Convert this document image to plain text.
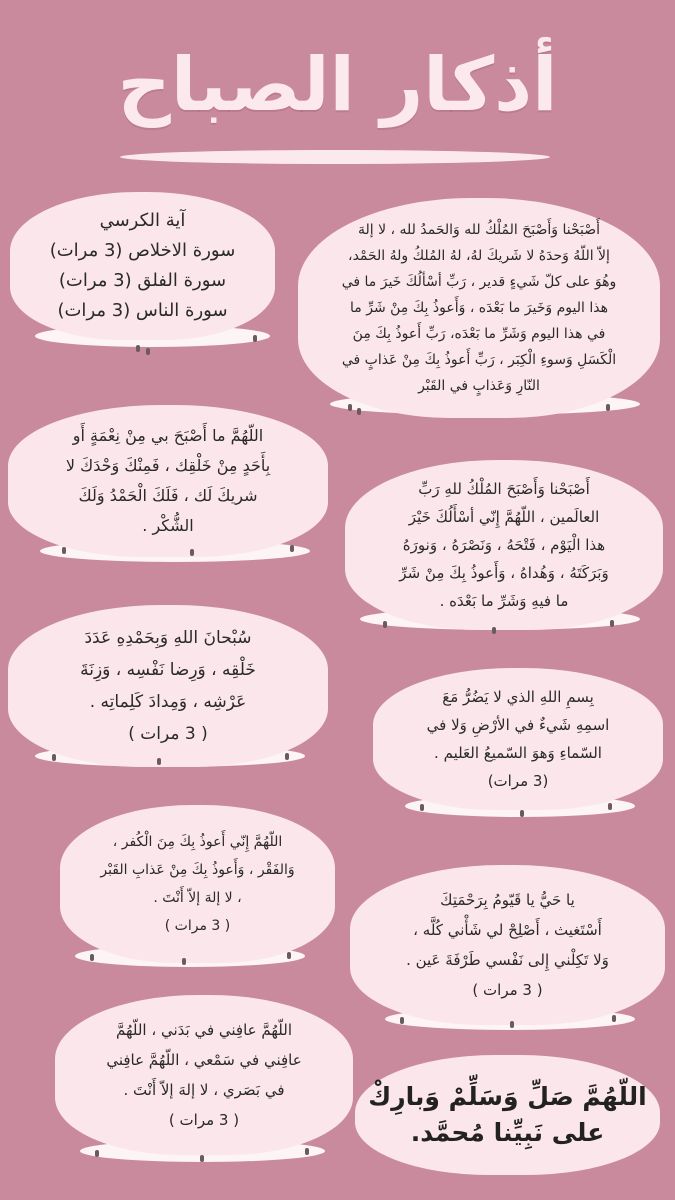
أذكار الصباح
آية الكرسي
سورة الاخلاص (3 مرات)
سورة الفلق (3 مرات)
سورة الناس (3 مرات)
أَصْبَحْنا وَأَصْبَحَ المُلْكُ لله وَالحَمدُ لله ، لا إلهَ
إلاّ اللّهُ وَحدَهُ لا شَريكَ لهُ، لهُ المُلكُ ولهُ الحَمْد،
وهُوَ على كلّ شَيءٍ قدير ، رَبِّ أسْألُكَ خَيرَ ما في
هذا اليوم وَخَيرَ ما بَعْدَه ، وَأَعوذُ بِكَ مِنْ شَرِّ ما
في هذا اليوم وَشَرِّ ما بَعْدَه، رَبِّ أَعوذُ بِكَ مِنَ
الْكَسَلِ وَسوءِ الْكِبَر ، رَبِّ أَعوذُ بِكَ مِنْ عَذابٍ في
النّارِ وَعَذابٍ في القَبْر
اللّهُمَّ ما أَصْبَحَ بي مِنْ نِعْمَةٍ أَو
بِأَحَدٍ مِنْ خَلْقِك ، فَمِنْكَ وَحْدَكَ لا
شريكَ لَك ، فَلَكَ الْحَمْدُ وَلَكَ
الشُّكْر .
أَصْبَحْنا وَأَصْبَحَ المُلْكُ للهِ رَبِّ
العالَمين ، اللّهُمَّ إِنّي أسْأَلُكَ خَيْرَ
هذا الْيَوْم ، فَتْحَهُ ، وَنَصْرَهُ ، وَنورَهُ
وَبَرَكَتَهُ ، وَهُداهُ ، وَأَعوذُ بِكَ مِنْ شَرِّ
ما فيهِ وَشَرِّ ما بَعْدَه .
سُبْحانَ اللهِ وَبِحَمْدِهِ عَدَدَ
خَلْقِه ، وَرِضا نَفْسِه ، وَزِنَةَ
عَرْشِه ، وَمِدادَ كَلِماتِه .
( 3 مرات )
بِسمِ اللهِ الذي لا يَضُرُّ مَعَ
اسمِهِ شَيءٌ في الأرْضِ وَلا في
السّماءِ وَهوَ السّميعُ العَليم .
(3 مرات)
اللّهُمَّ إِنّي أَعوذُ بِكَ مِنَ الْكُفر ،
وَالفَقْر ، وَأَعوذُ بِكَ مِنْ عَذابِ القَبْر
، لا إلهَ إلاّ أَنْتَ .
( 3 مرات )
يا حَيُّ يا قَيّومُ بِرَحْمَتِكَ
أَسْتَغيث ، أَصْلِحْ لي شَأْني كُلَّه ،
وَلا تَكِلْني إِلى نَفْسي طَرْفَةَ عَين .
( 3 مرات )
اللّهُمَّ عافِني في بَدَني ، اللّهُمَّ
عافِني في سَمْعي ، اللّهُمَّ عافِني
في بَصَري ، لا إلهَ إلاّ أَنْتَ .
( 3 مرات )
اللّهُمَّ صَلِّ وَسَلِّمْ وَبارِكْ
على نَبِيِّنا مُحمَّد.
